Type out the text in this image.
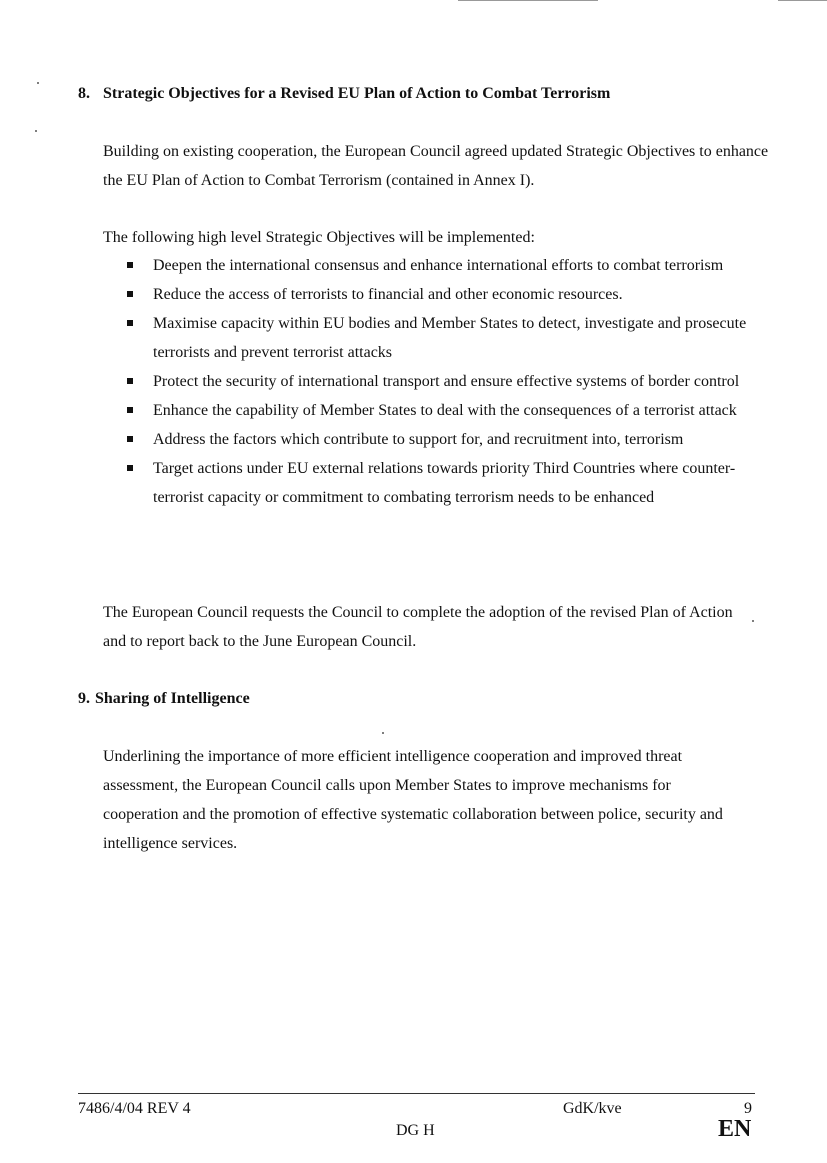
8. Strategic Objectives for a Revised EU Plan of Action to Combat Terrorism

Building on existing cooperation, the European Council agreed updated Strategic Objectives to enhance the EU Plan of Action to Combat Terrorism (contained in Annex I).

The following high level Strategic Objectives will be implemented:

Deepen the international consensus and enhance international efforts to combat terrorism
Reduce the access of terrorists to financial and other economic resources.
Maximise capacity within EU bodies and Member States to detect, investigate and prosecute terrorists and prevent terrorist attacks
Protect the security of international transport and ensure effective systems of border control
Enhance the capability of Member States to deal with the consequences of a terrorist attack
Address the factors which contribute to support for, and recruitment into, terrorism
Target actions under EU external relations towards priority Third Countries where counter-terrorist capacity or commitment to combating terrorism needs to be enhanced

The European Council requests the Council to complete the adoption of the revised Plan of Action and to report back to the June European Council.

9. Sharing of Intelligence

Underlining the importance of more efficient intelligence cooperation and improved threat assessment, the European Council calls upon Member States to improve mechanisms for cooperation and the promotion of effective systematic collaboration between police, security and intelligence services.

7486/4/04 REV 4	GdK/kve	9
DG H	EN
